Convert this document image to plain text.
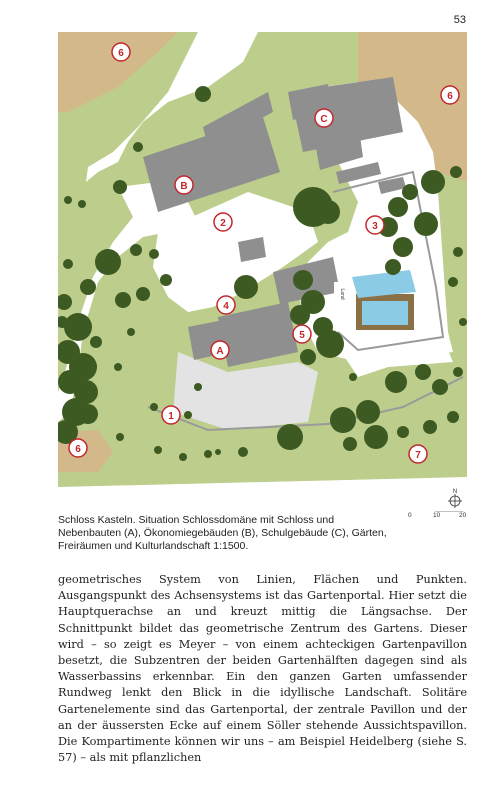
53
Land
6
6
C
B
2	3
4
5
A
1
6
7
N
0	10	20
Schloss Kasteln. Situation Schlossdomäne mit Schloss und Nebenbauten (A), Ökonomiegebäuden (B), Schulgebäude (C), Gärten, Freiräumen und Kulturlandschaft 1:1500.

geometrisches System von Linien, Flächen und Punkten. Ausgangspunkt des Achsensystems ist das Gartenportal. Hier setzt die Hauptquerachse an und kreuzt mittig die Längsachse. Der Schnittpunkt bildet das geometrische Zentrum des Gartens. Dieser wird – so zeigt es Meyer – von einem achteckigen Gartenpavillon besetzt, die Subzentren der beiden Gartenhälften dagegen sind als Wasserbassins erkennbar. Ein den ganzen Garten umfassender Rundweg lenkt den Blick in die idyllische Landschaft. Solitäre Gartenelemente sind das Gartenportal, der zentrale Pavillon und der an der äussersten Ecke auf einem Söller stehende Aussichtspavillon. Die Kompartimente können wir uns – am Beispiel Heidelberg (siehe S. 57) – als mit pflanzlichen
